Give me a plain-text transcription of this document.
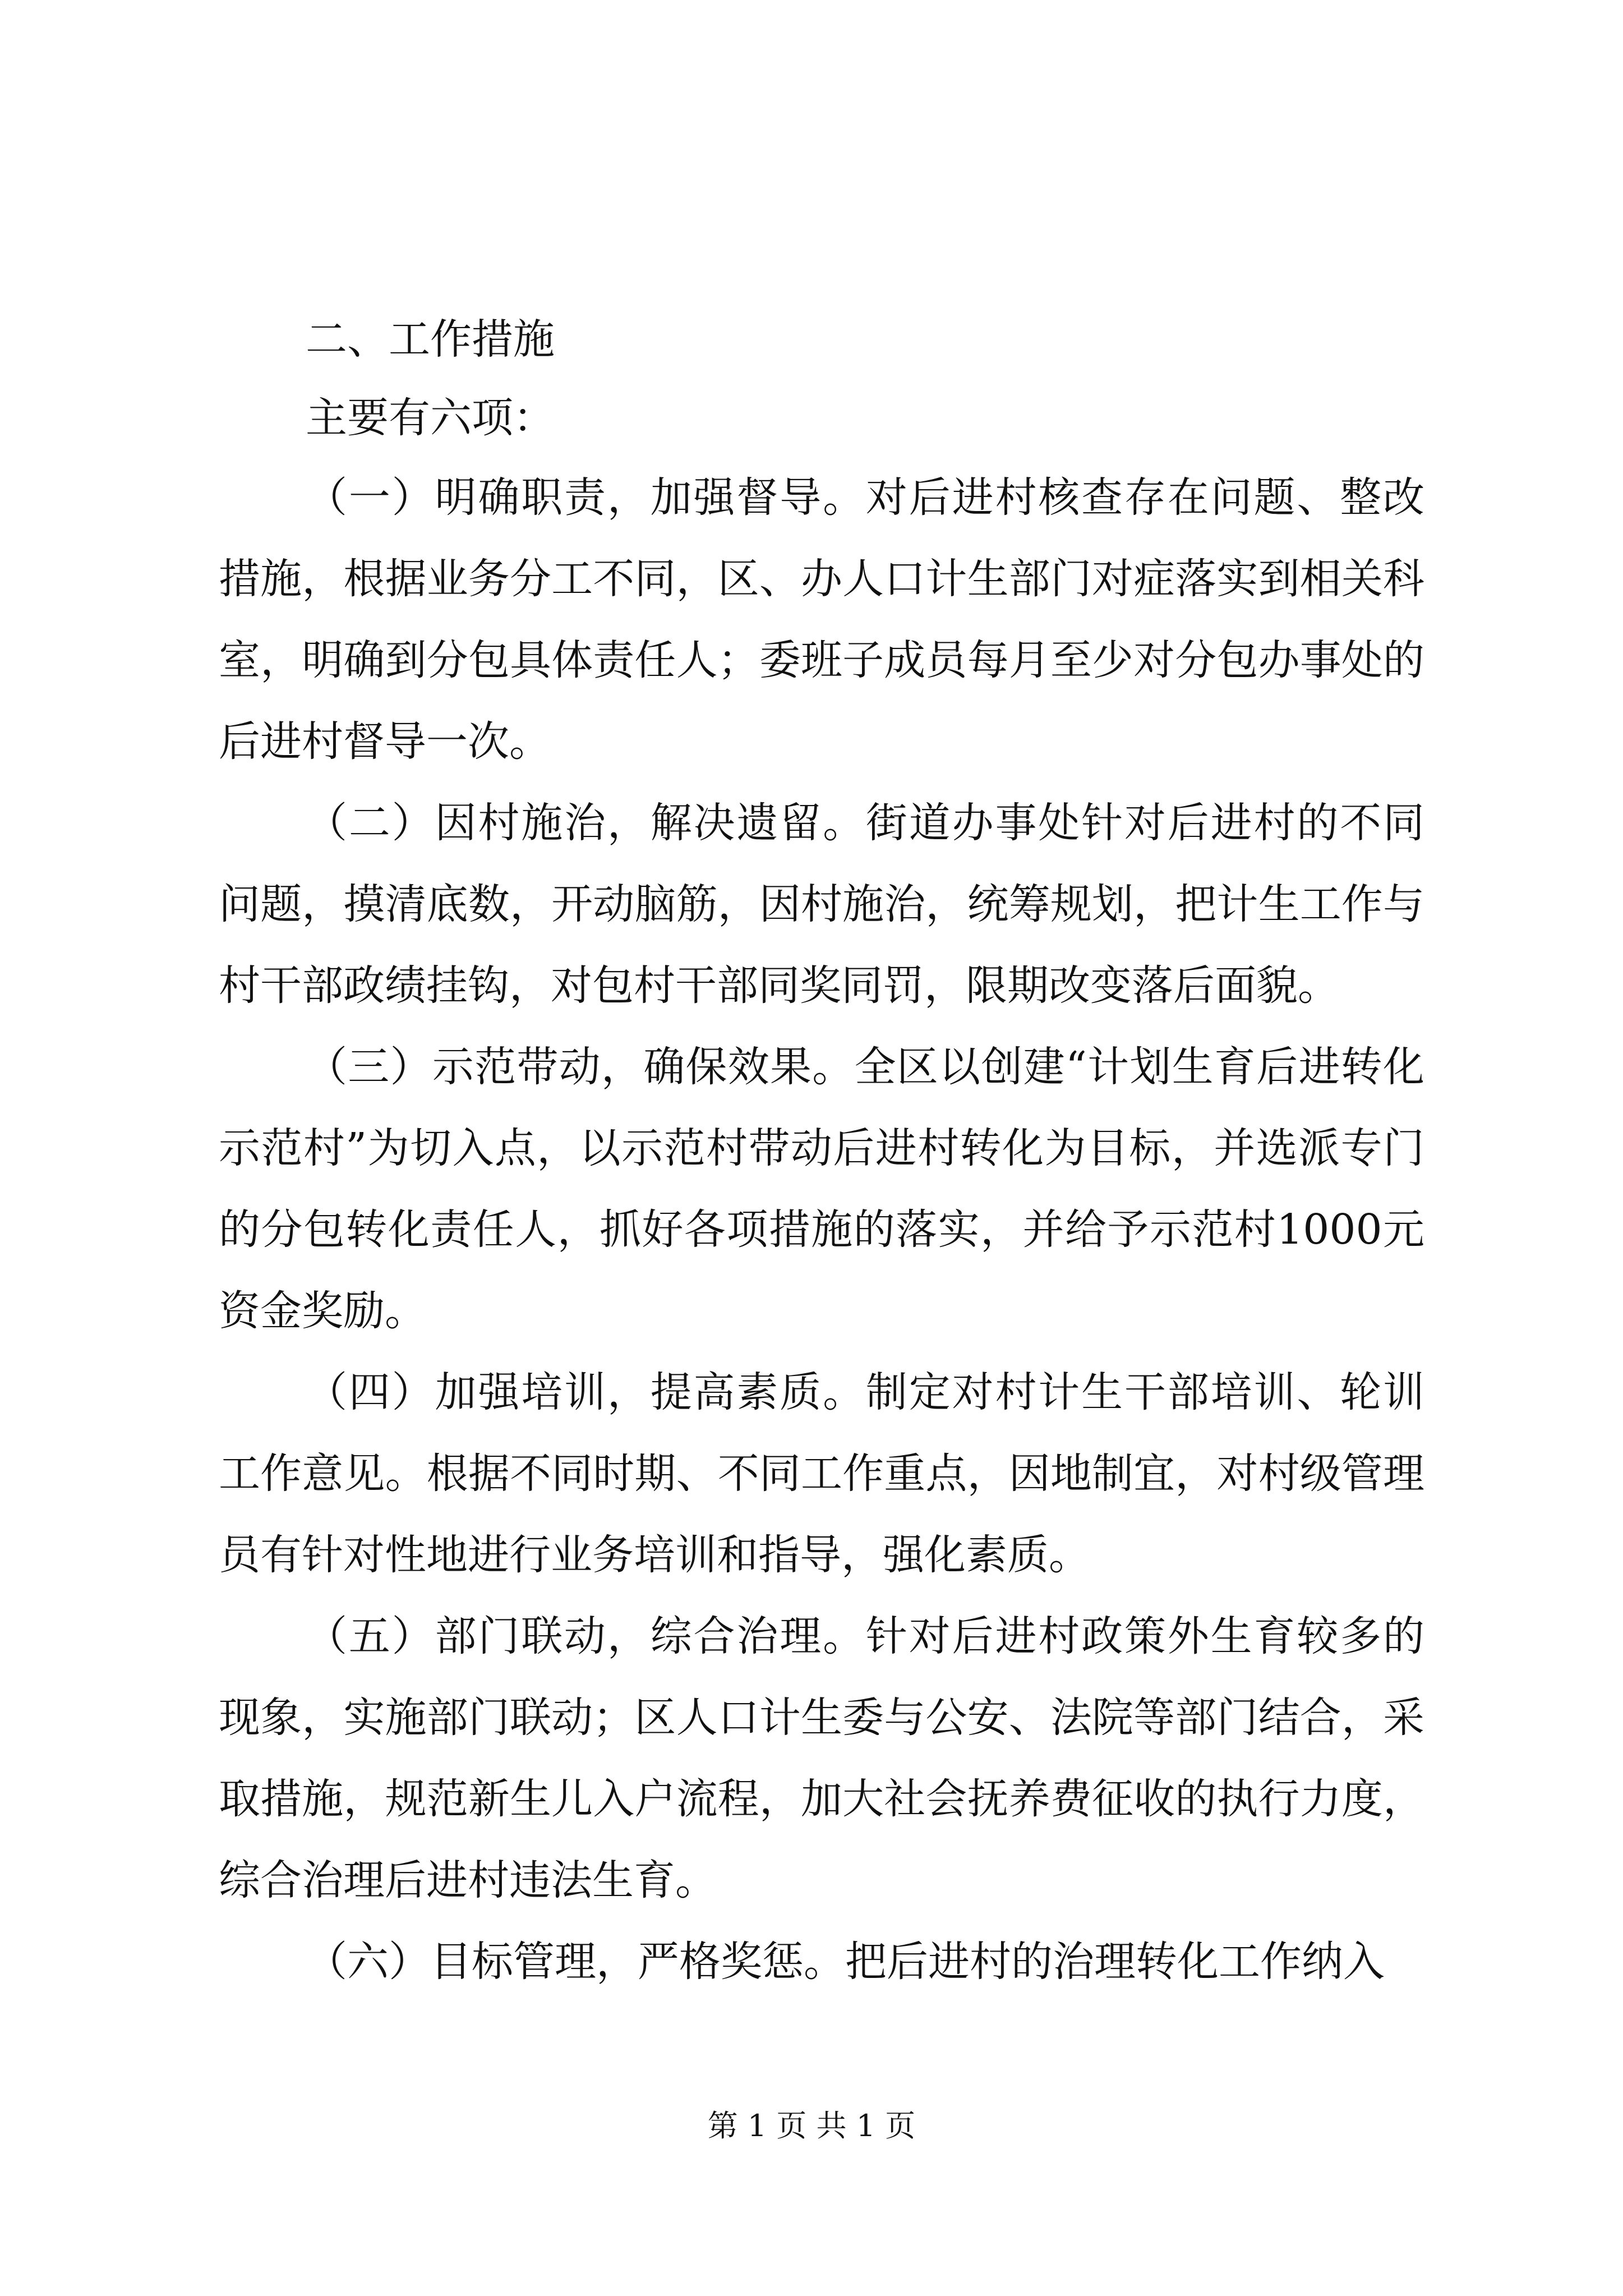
二、工作措施

主要有六项：

（一）明确职责，加强督导。对后进村核查存在问题、整改措施，根据业务分工不同，区、办人口计生部门对症落实到相关科室，明确到分包具体责任人；委班子成员每月至少对分包办事处的后进村督导一次。

（二）因村施治，解决遗留。街道办事处针对后进村的不同问题，摸清底数，开动脑筋，因村施治，统筹规划，把计生工作与村干部政绩挂钩，对包村干部同奖同罚，限期改变落后面貌。

（三）示范带动，确保效果。全区以创建“计划生育后进转化示范村”为切入点，以示范村带动后进村转化为目标，并选派专门的分包转化责任人，抓好各项措施的落实，并给予示范村1000元资金奖励。

（四）加强培训，提高素质。制定对村计生干部培训、轮训工作意见。根据不同时期、不同工作重点，因地制宜，对村级管理员有针对性地进行业务培训和指导，强化素质。

（五）部门联动，综合治理。针对后进村政策外生育较多的现象，实施部门联动；区人口计生委与公安、法院等部门结合，采取措施，规范新生儿入户流程，加大社会抚养费征收的执行力度，综合治理后进村违法生育。

（六）目标管理，严格奖惩。把后进村的治理转化工作纳入

第 1 页 共 1 页
